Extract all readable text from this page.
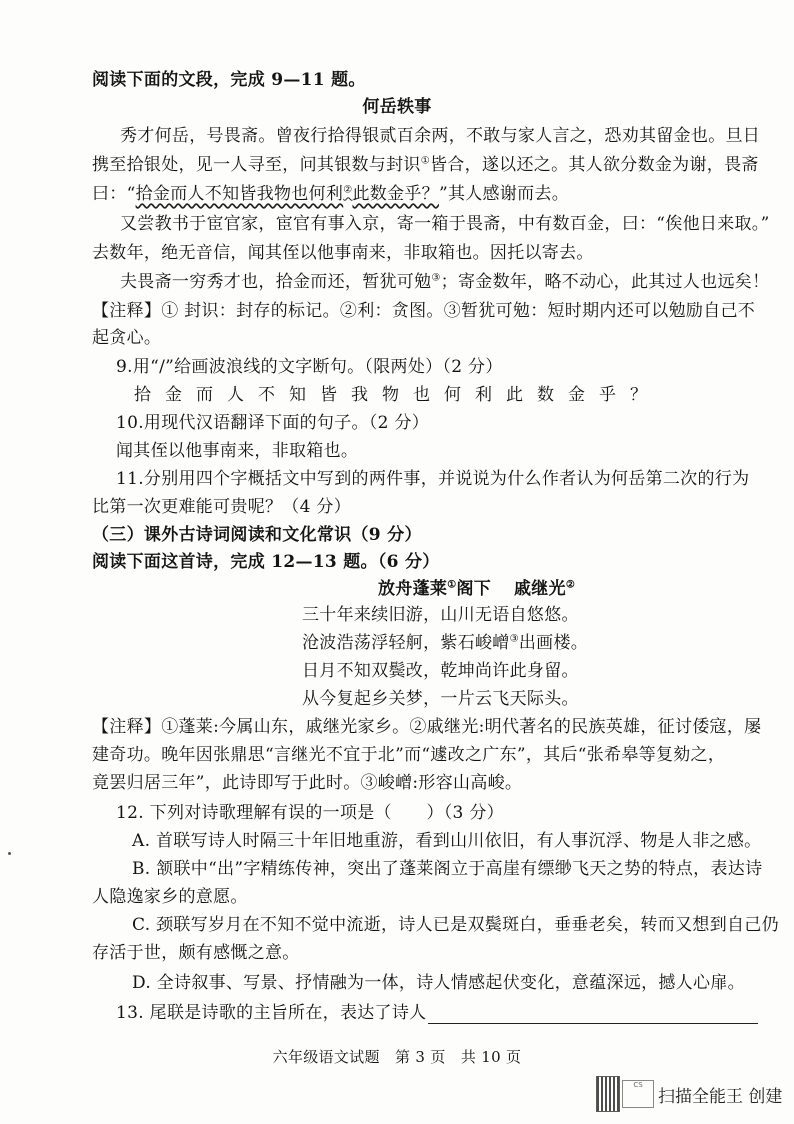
阅读下面的文段，完成 9—11 题。
何岳轶事
秀才何岳，号畏斋。曾夜行拾得银贰百余两，不敢与家人言之，恐劝其留金也。旦日
携至拾银处，见一人寻至，问其银数与封识①皆合，遂以还之。其人欲分数金为谢，畏斋
曰：“拾金而人不知皆我物也何利②此数金乎？”其人感谢而去。
又尝教书于宦官家，宦官有事入京，寄一箱于畏斋，中有数百金，曰：“俟他日来取。”
去数年，绝无音信，闻其侄以他事南来，非取箱也。因托以寄去。
夫畏斋一穷秀才也，拾金而还，暂犹可勉③；寄金数年，略不动心，此其过人也远矣！
【注释】① 封识：封存的标记。②利：贪图。③暂犹可勉：短时期内还可以勉励自己不
起贪心。
9.用“/”给画波浪线的文字断句。（限两处）（2 分）
拾金而人不知皆我物也何利此数金乎？
10.用现代汉语翻译下面的句子。（2 分）
闻其侄以他事南来，非取箱也。
11.分别用四个字概括文中写到的两件事，并说说为什么作者认为何岳第二次的行为
比第一次更难能可贵呢？（4 分）
（三）课外古诗词阅读和文化常识（9 分）
阅读下面这首诗，完成 12—13 题。（6 分）
放舟蓬莱①阁下 戚继光②
三十年来续旧游，山川无语自悠悠。
沧波浩荡浮轻舸，紫石峻嶒③出画楼。
日月不知双鬓改，乾坤尚许此身留。
从今复起乡关梦，一片云飞天际头。
【注释】①蓬莱:今属山东，戚继光家乡。②戚继光:明代著名的民族英雄，征讨倭寇，屡
建奇功。晚年因张鼎思“言继光不宜于北”而“遽改之广东”，其后“张希皋等复劾之，
竟罢归居三年”，此诗即写于此时。③峻嶒:形容山高峻。
12. 下列对诗歌理解有误的一项是（　　）（3 分）
A. 首联写诗人时隔三十年旧地重游，看到山川依旧，有人事沉浮、物是人非之感。
B. 颔联中“出”字精练传神，突出了蓬莱阁立于高崖有缥缈飞天之势的特点，表达诗
人隐逸家乡的意愿。
C. 颈联写岁月在不知不觉中流逝，诗人已是双鬓斑白，垂垂老矣，转而又想到自己仍
存活于世，颇有感慨之意。
D. 全诗叙事、写景、抒情融为一体，诗人情感起伏变化，意蕴深远，撼人心扉。
13. 尾联是诗歌的主旨所在，表达了诗人
六年级语文试题　第 3 页　共 10 页
CS
扫描全能王 创建
